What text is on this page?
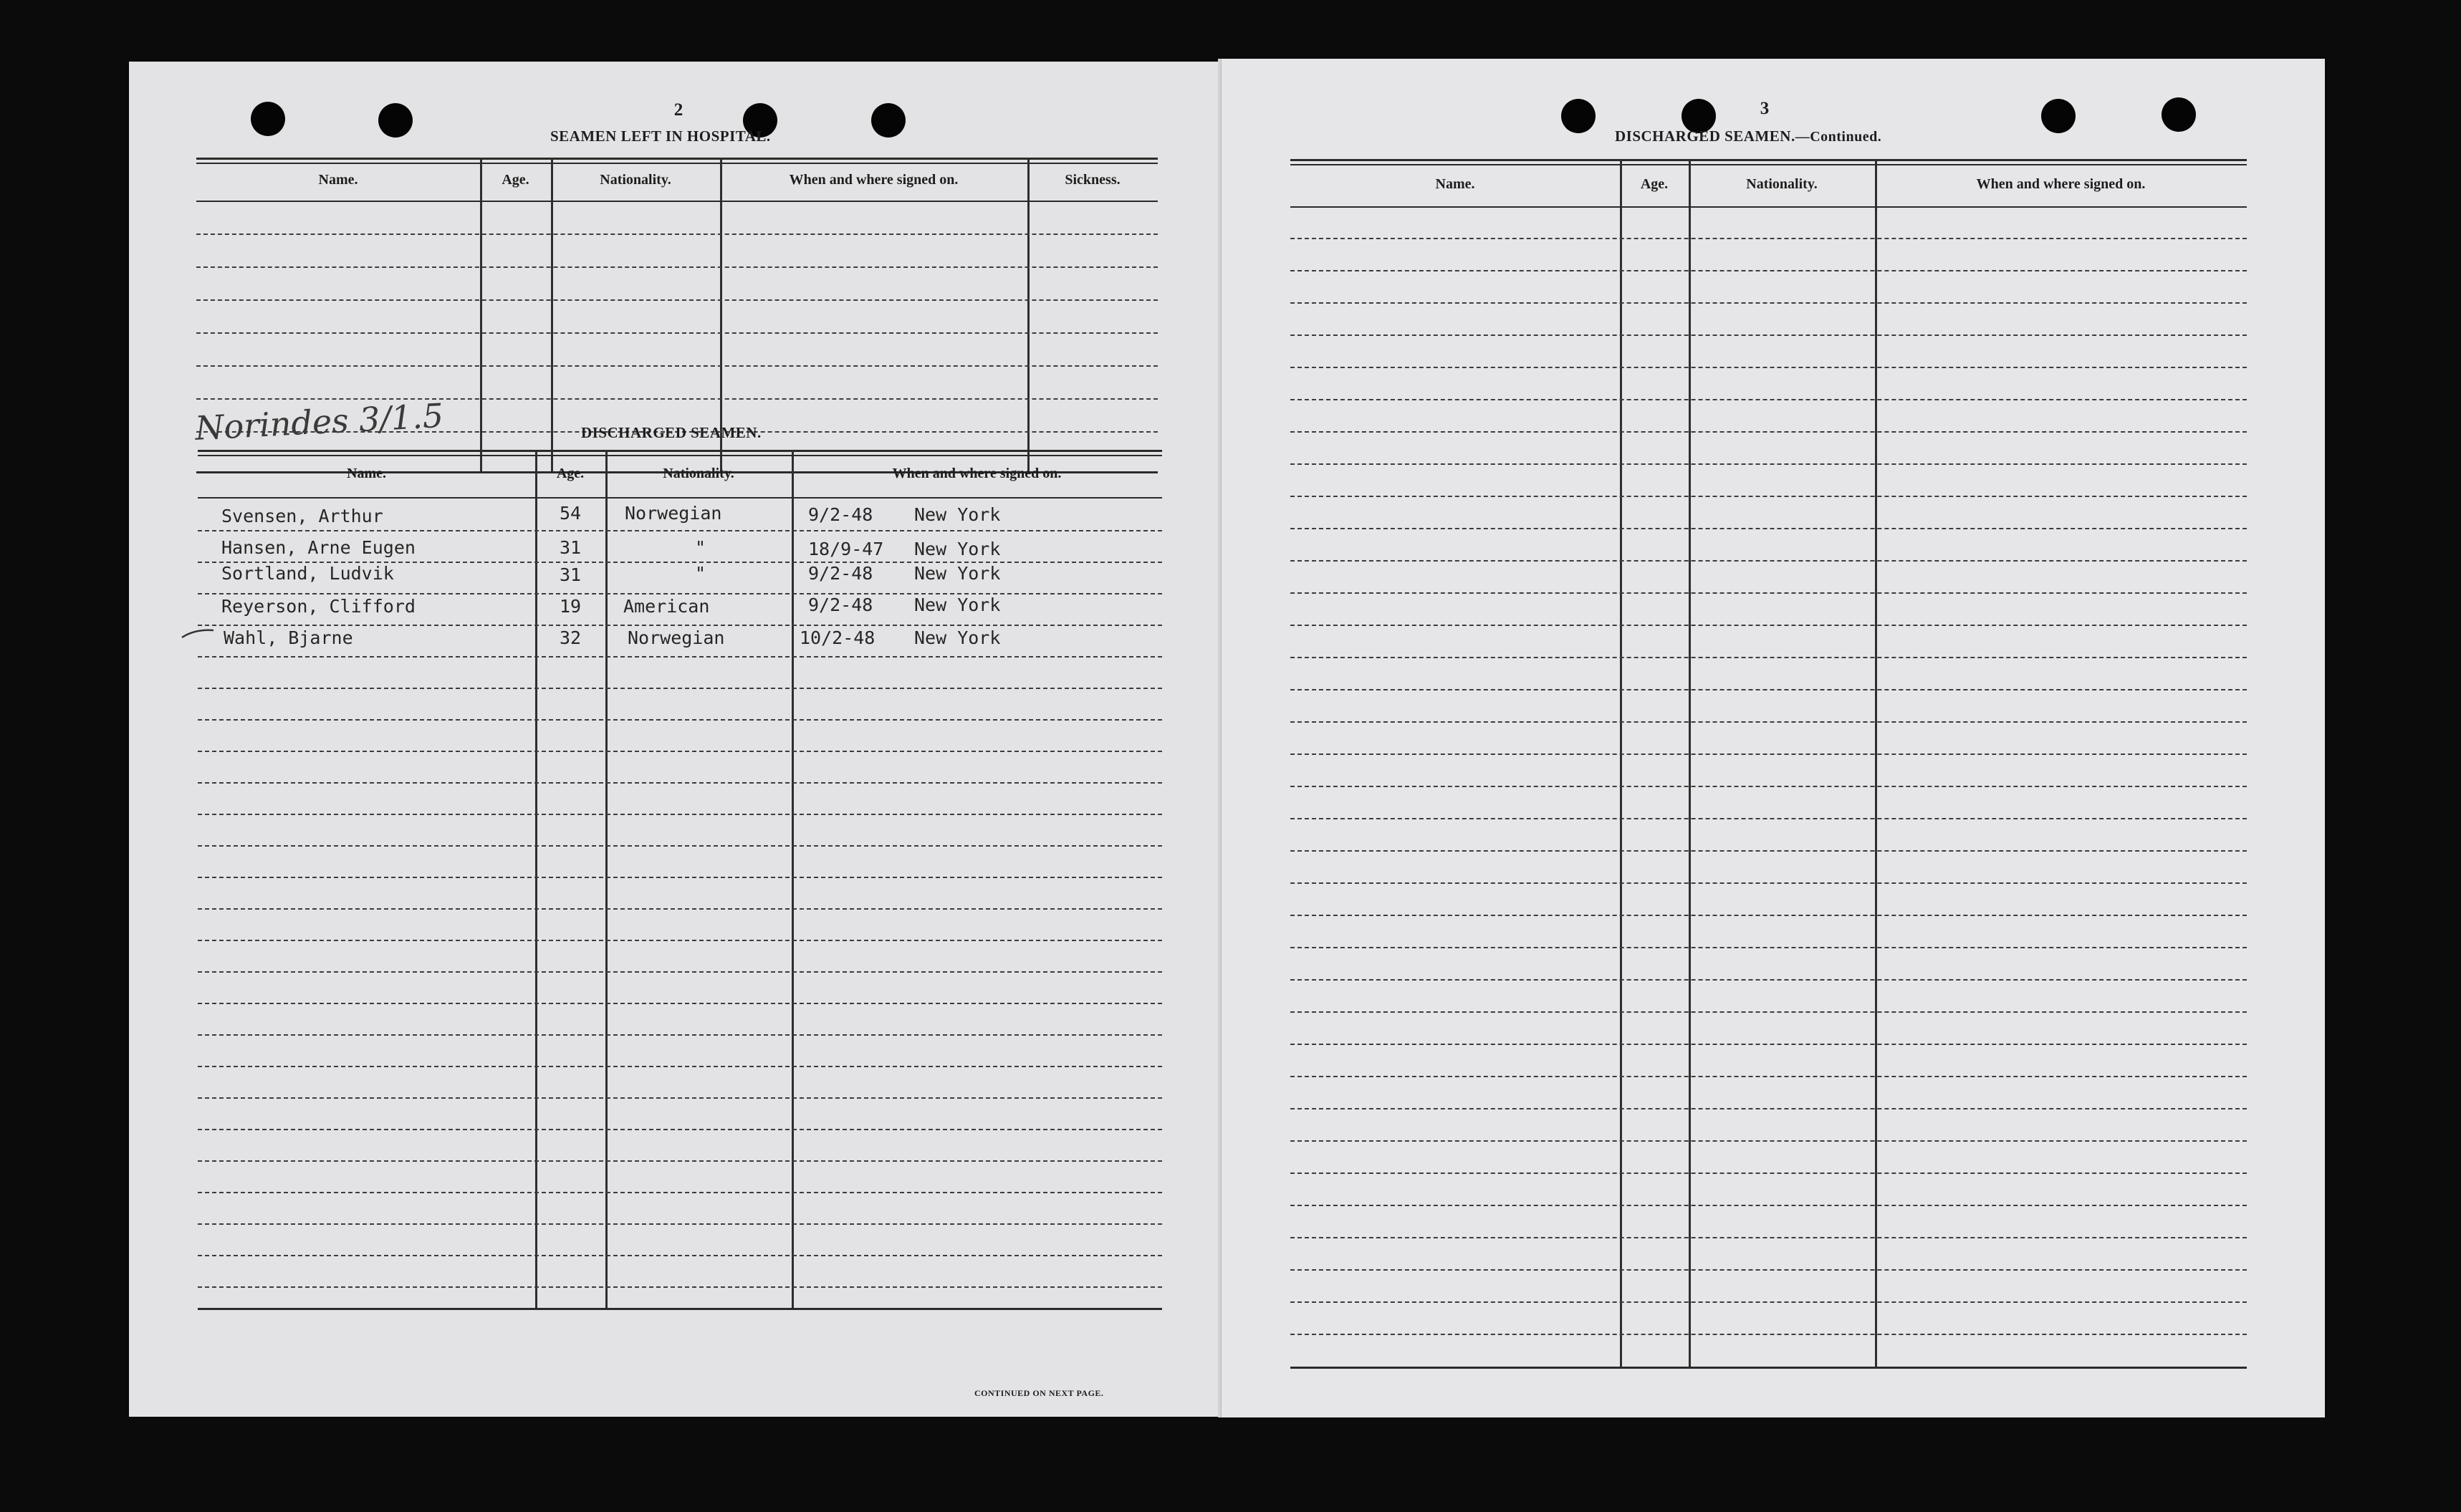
2
SEAMEN LEFT IN HOSPITAL.
Name.	Age.	Nationality.	When and where signed on.	Sickness.
Norindes 3/1.5	DISCHARGED SEAMEN.
Name.	Age.	Nationality.	When and where signed on.
Svensen, Arthur	54 Norwegian	9/2-48 New York
Hansen, Arne Eugen	31	"	18/9-47 New York
Sortland, Ludvik	31	"	9/2-48 New York
Reyerson, Clifford	19 American	9/2-48 New York
Wahl, Bjarne	32	Norwegian	10/2-48 New York
CONTINUED ON NEXT PAGE.
3
DISCHARGED SEAMEN.—Continued.
Name.	Age.	Nationality.	When and where signed on.
